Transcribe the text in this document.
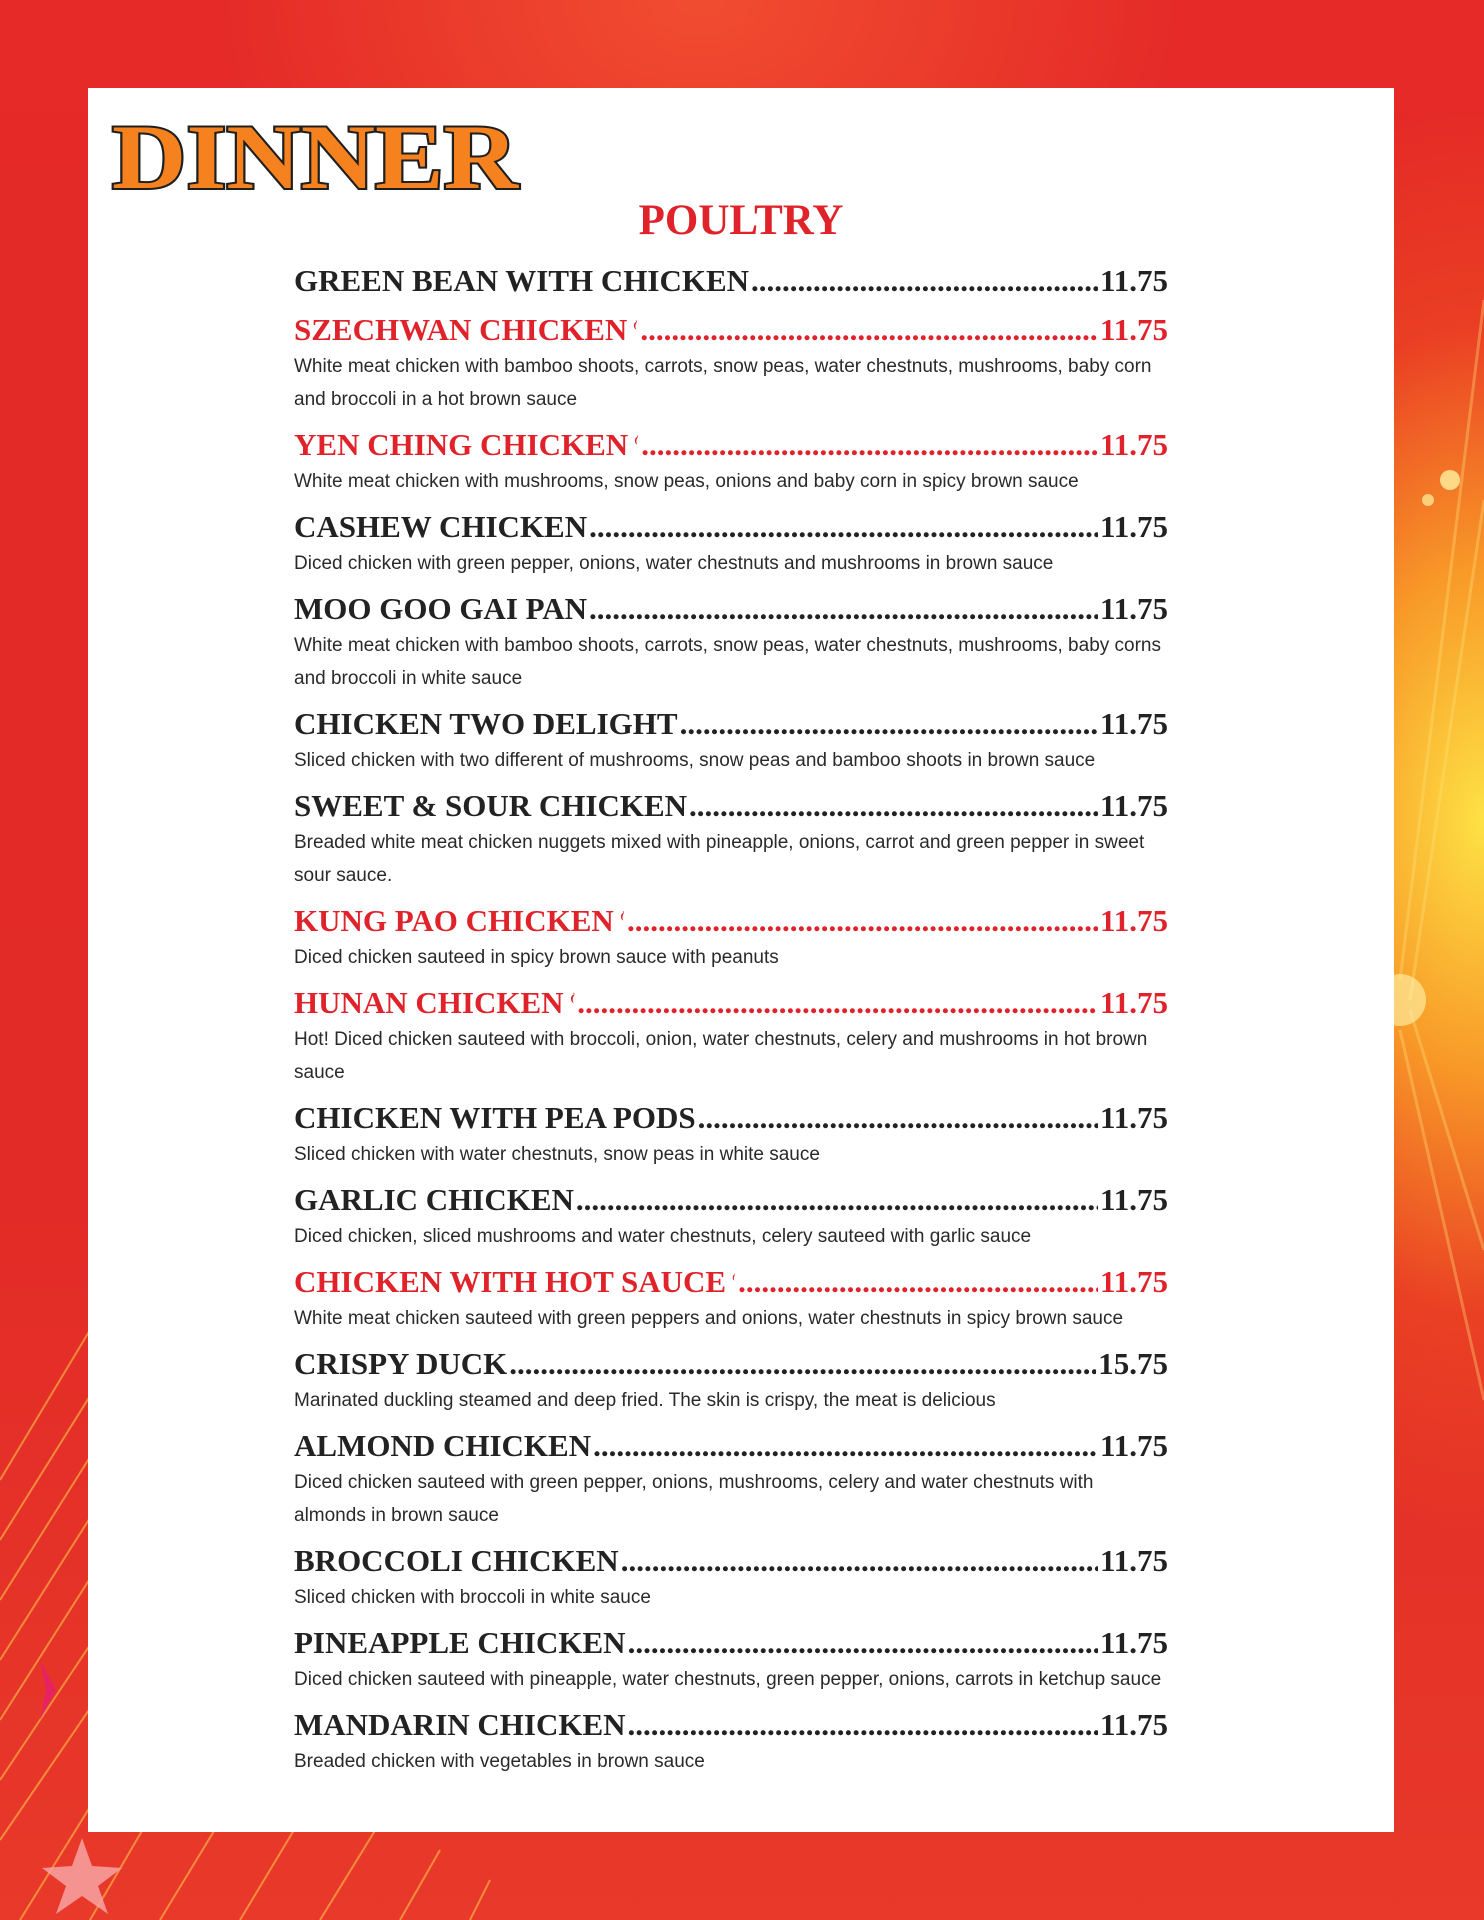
DINNER
POULTRY
GREEN BEAN WITH CHICKEN .....	11.75
SZECHWAN CHICKEN .....	11.75

White meat chicken with bamboo shoots, carrots, snow peas, water chestnuts, mushrooms, baby corn and broccoli in a hot brown sauce

YEN CHING CHICKEN .....	11.75

White meat chicken with mushrooms, snow peas, onions and baby corn in spicy brown sauce

CASHEW CHICKEN .....	11.75

Diced chicken with green pepper, onions, water chestnuts and mushrooms in brown sauce

MOO GOO GAI PAN .....	11.75

White meat chicken with bamboo shoots, carrots, snow peas, water chestnuts, mushrooms, baby corns and broccoli in white sauce

CHICKEN TWO DELIGHT .....	11.75

Sliced chicken with two different of mushrooms, snow peas and bamboo shoots in brown sauce

SWEET & SOUR CHICKEN .....	11.75

Breaded white meat chicken nuggets mixed with pineapple, onions, carrot and green pepper in sweet sour sauce.

KUNG PAO CHICKEN .....	11.75

Diced chicken sauteed in spicy brown sauce with peanuts

HUNAN CHICKEN .....	11.75

Hot! Diced chicken sauteed with broccoli, onion, water chestnuts, celery and mushrooms in hot brown sauce

CHICKEN WITH PEA PODS .....	11.75

Sliced chicken with water chestnuts, snow peas in white sauce

GARLIC CHICKEN .....	11.75

Diced chicken, sliced mushrooms and water chestnuts, celery sauteed with garlic sauce

CHICKEN WITH HOT SAUCE .....	11.75

White meat chicken sauteed with green peppers and onions, water chestnuts in spicy brown sauce

CRISPY DUCK .....	15.75

Marinated duckling steamed and deep fried. The skin is crispy, the meat is delicious

ALMOND CHICKEN .....	11.75

Diced chicken sauteed with green pepper, onions, mushrooms, celery and water chestnuts with almonds in brown sauce

BROCCOLI CHICKEN .....	11.75

Sliced chicken with broccoli in white sauce

PINEAPPLE CHICKEN .....	11.75

Diced chicken sauteed with pineapple, water chestnuts, green pepper, onions, carrots in ketchup sauce

MANDARIN CHICKEN .....	11.75

Breaded chicken with vegetables in brown sauce
